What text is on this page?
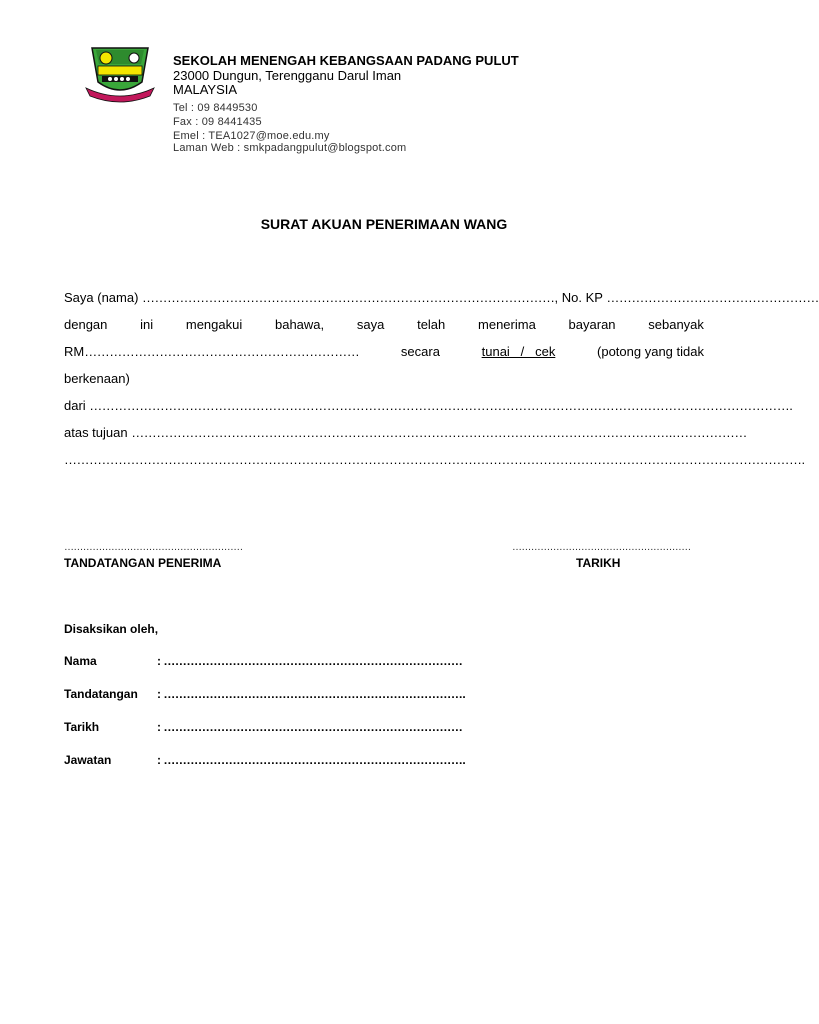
SEKOLAH MENENGAH KEBANGSAAN PADANG PULUT
23000 Dungun, Terengganu Darul Iman
MALAYSIA
Tel : 09 8449530
Fax : 09 8441435
Emel : TEA1027@moe.edu.my
Laman Web : smkpadangpulut@blogspot.com
SURAT AKUAN PENERIMAAN WANG
Saya (nama) ………………………………………………………………………………………, No. KP ……………………………………………
dengan	ini	mengakui	bahawa,	saya	telah	menerima	bayaran	sebanyak
RM…………………………………………………………	secara	tunai   /   cek	(potong yang tidak
berkenaan)
dari …………………………………………………………………………………………………………………………………………………….
atas tujuan ………………………………………………………………………………………………………………….………………
…………………………………………………………………………………………………………………………………………………………….
…………………………………………………
TANDATANGAN PENERIMA
…………………………………………………
TARIKH
Disaksikan oleh,
Nama	: ……………………………………………………………………
Tandatangan : …………………………………………………………………….
Tarikh	: ……………………………………………………………………
Jawatan	: …………………………………………………………………….
